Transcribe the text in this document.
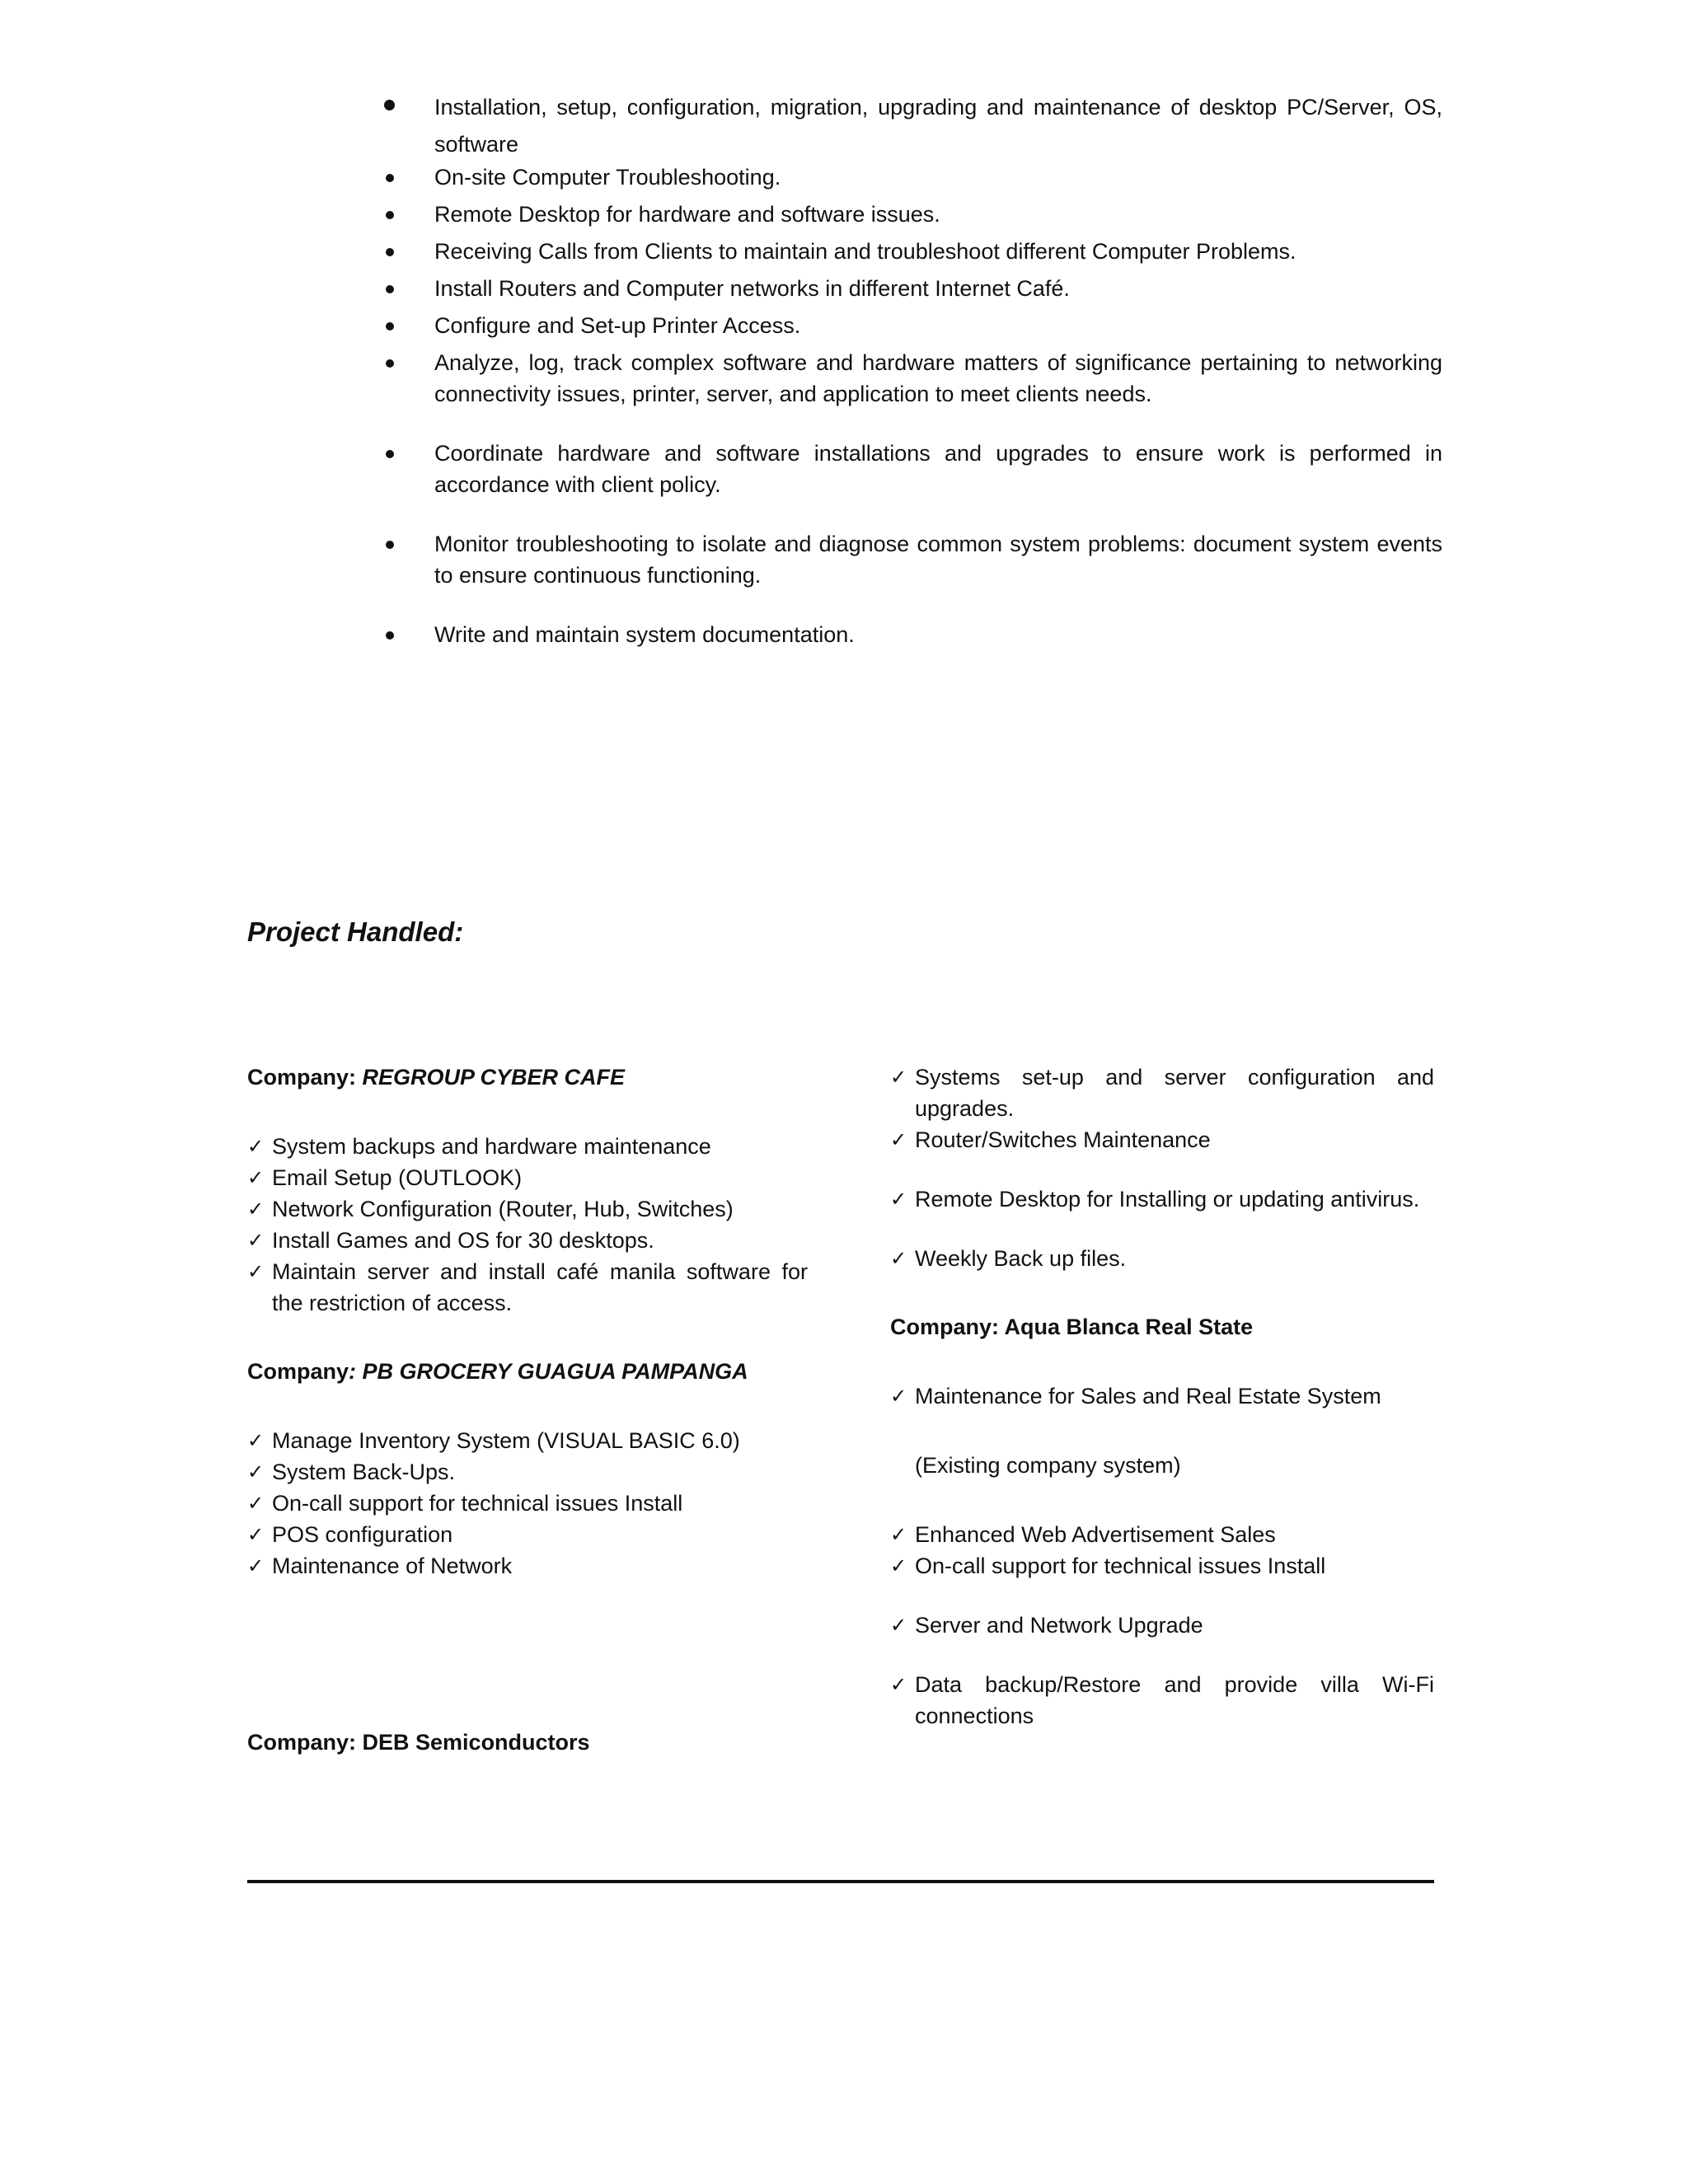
Installation, setup, configuration, migration, upgrading and maintenance of desktop PC/Server, OS, software
On-site Computer Troubleshooting.
Remote Desktop for hardware and software issues.
Receiving Calls from Clients to maintain and troubleshoot different Computer Problems.
Install Routers and Computer networks in different Internet Café.
Configure and Set-up Printer Access.
Analyze, log, track complex software and hardware matters of significance pertaining to networking connectivity issues, printer, server, and application to meet clients needs.
Coordinate hardware and software installations and upgrades to ensure work is performed in accordance with client policy.
Monitor troubleshooting to isolate and diagnose common system problems: document system events to ensure continuous functioning.
Write and maintain system documentation.
Project Handled:

Company: REGROUP CYBER CAFE

✓ System backups and hardware maintenance
✓ Email Setup (OUTLOOK)
✓ Network Configuration (Router, Hub, Switches)
✓ Install Games and OS for 30 desktops.
✓ Maintain server and install café manila software for the restriction of access.

Company: PB GROCERY GUAGUA PAMPANGA

✓ Manage Inventory System (VISUAL BASIC 6.0)
✓ System Back-Ups.
✓ On-call support for technical issues Install
✓ POS configuration
✓ Maintenance of Network

Company: DEB Semiconductors

✓ Systems set-up and server configuration and upgrades.
✓ Router/Switches Maintenance
✓ Remote Desktop for Installing or updating antivirus.
✓ Weekly Back up files.

Company: Aqua Blanca Real State

✓ Maintenance for Sales and Real Estate System
(Existing company system)
✓ Enhanced Web Advertisement Sales
✓ On-call support for technical issues Install
✓ Server and Network Upgrade
✓ Data backup/Restore and provide villa Wi-Fi connections
